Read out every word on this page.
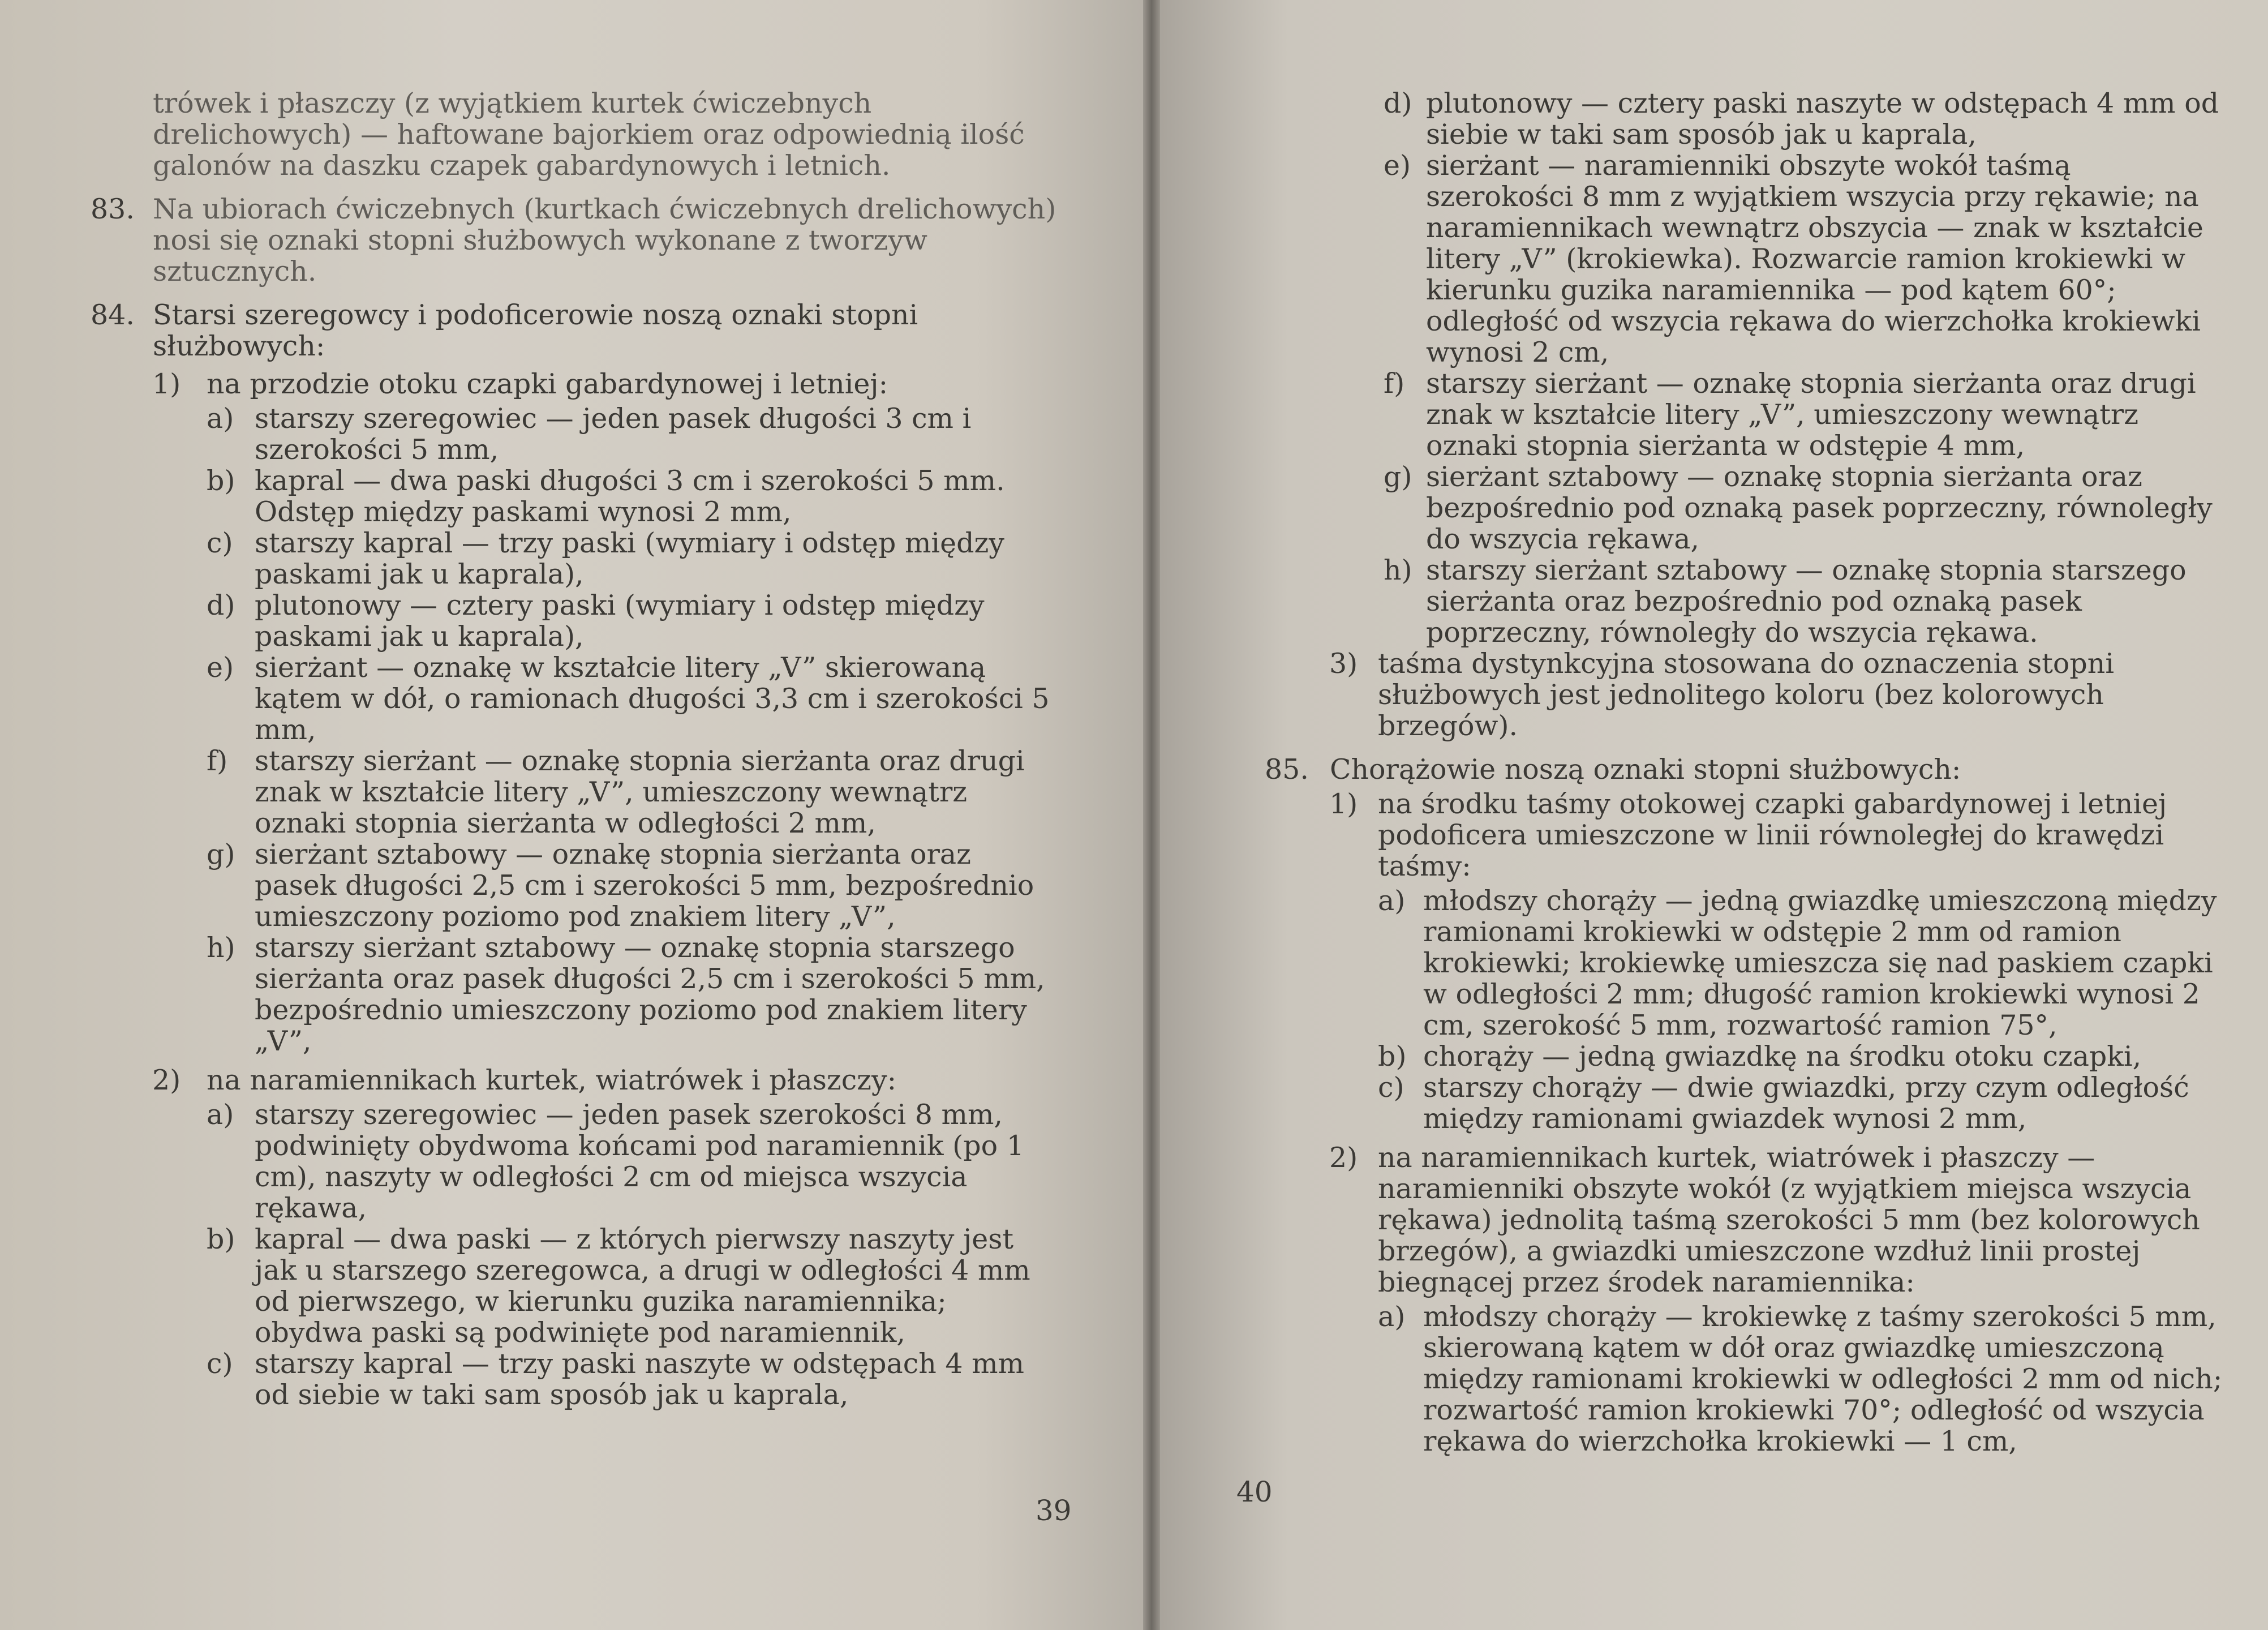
trówek i płaszczy (z wyjątkiem kurtek ćwiczebnych drelichowych) — haftowane bajorkiem oraz odpowiednią ilość galonów na daszku czapek gabardynowych i letnich.
83. Na ubiorach ćwiczebnych (kurtkach ćwiczebnych drelichowych) nosi się oznaki stopni służbowych wykonane z tworzyw sztucznych.
84. Starsi szeregowcy i podoficerowie noszą oznaki stopni służbowych:
1) na przodzie otoku czapki gabardynowej i letniej:
a) starszy szeregowiec — jeden pasek długości 3 cm i szerokości 5 mm,
b) kapral — dwa paski długości 3 cm i szerokości 5 mm. Odstęp między paskami wynosi 2 mm,
c) starszy kapral — trzy paski (wymiary i odstęp między paskami jak u kaprala),
d) plutonowy — cztery paski (wymiary i odstęp między paskami jak u kaprala),
e) sierżant — oznakę w kształcie litery „V” skierowaną kątem w dół, o ramionach długości 3,3 cm i szerokości 5 mm,
f) starszy sierżant — oznakę stopnia sierżanta oraz drugi znak w kształcie litery „V”, umieszczony wewnątrz oznaki stopnia sierżanta w odległości 2 mm,
g) sierżant sztabowy — oznakę stopnia sierżanta oraz pasek długości 2,5 cm i szerokości 5 mm, bezpośrednio umieszczony poziomo pod znakiem litery „V”,
h) starszy sierżant sztabowy — oznakę stopnia starszego sierżanta oraz pasek długości 2,5 cm i szerokości 5 mm, bezpośrednio umieszczony poziomo pod znakiem litery „V”,
2) na naramiennikach kurtek, wiatrówek i płaszczy:
a) starszy szeregowiec — jeden pasek szerokości 8 mm, podwinięty obydwoma końcami pod naramiennik (po 1 cm), naszyty w odległości 2 cm od miejsca wszycia rękawa,
b) kapral — dwa paski — z których pierwszy naszyty jest jak u starszego szeregowca, a drugi w odległości 4 mm od pierwszego, w kierunku guzika naramiennika; obydwa paski są podwinięte pod naramiennik,
c) starszy kapral — trzy paski naszyte w odstępach 4 mm od siebie w taki sam sposób jak u kaprala,
39
d) plutonowy — cztery paski naszyte w odstępach 4 mm od siebie w taki sam sposób jak u kaprala,
e) sierżant — naramienniki obszyte wokół taśmą szerokości 8 mm z wyjątkiem wszycia przy rękawie; na naramiennikach wewnątrz obszycia — znak w kształcie litery „V” (krokiewka). Rozwarcie ramion krokiewki w kierunku guzika naramiennika — pod kątem 60°; odległość od wszycia rękawa do wierzchołka krokiewki wynosi 2 cm,
f) starszy sierżant — oznakę stopnia sierżanta oraz drugi znak w kształcie litery „V”, umieszczony wewnątrz oznaki stopnia sierżanta w odstępie 4 mm,
g) sierżant sztabowy — oznakę stopnia sierżanta oraz bezpośrednio pod oznaką pasek poprzeczny, równoległy do wszycia rękawa,
h) starszy sierżant sztabowy — oznakę stopnia starszego sierżanta oraz bezpośrednio pod oznaką pasek poprzeczny, równoległy do wszycia rękawa.
3) taśma dystynkcyjna stosowana do oznaczenia stopni służbowych jest jednolitego koloru (bez kolorowych brzegów).
85. Chorążowie noszą oznaki stopni służbowych:
1) na środku taśmy otokowej czapki gabardynowej i letniej podoficera umieszczone w linii równoległej do krawędzi taśmy:
a) młodszy chorąży — jedną gwiazdkę umieszczoną między ramionami krokiewki w odstępie 2 mm od ramion krokiewki; krokiewkę umieszcza się nad paskiem czapki w odległości 2 mm; długość ramion krokiewki wynosi 2 cm, szerokość 5 mm, rozwartość ramion 75°,
b) chorąży — jedną gwiazdkę na środku otoku czapki,
c) starszy chorąży — dwie gwiazdki, przy czym odległość między ramionami gwiazdek wynosi 2 mm,
2) na naramiennikach kurtek, wiatrówek i płaszczy — naramienniki obszyte wokół (z wyjątkiem miejsca wszycia rękawa) jednolitą taśmą szerokości 5 mm (bez kolorowych brzegów), a gwiazdki umieszczone wzdłuż linii prostej biegnącej przez środek naramiennika:
a) młodszy chorąży — krokiewkę z taśmy szerokości 5 mm, skierowaną kątem w dół oraz gwiazdkę umieszczoną między ramionami krokiewki w odległości 2 mm od nich; rozwartość ramion krokiewki 70°; odległość od wszycia rękawa do wierzchołka krokiewki — 1 cm,
40
